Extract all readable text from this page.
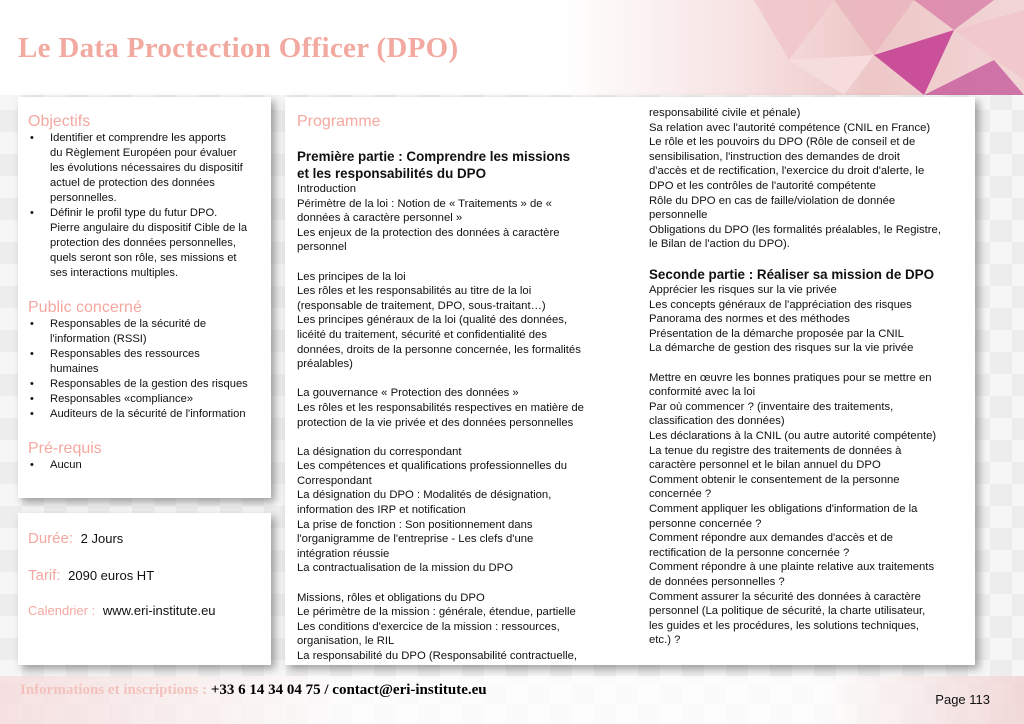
Le Data Proctection Officer (DPO)
Objectifs
• Identifier et comprendre les apports
du Règlement Européen pour évaluer
les évolutions nécessaires du dispositif
actuel de protection des données
personnelles.
• Définir le profil type du futur DPO.
Pierre angulaire du dispositif Cible de la
protection des données personnelles,
quels seront son rôle, ses missions et
ses interactions multiples.
Public concerné
• Responsables de la sécurité de
l'information (RSSI)
• Responsables des ressources
humaines
• Responsables de la gestion des risques
• Responsables «compliance»
• Auditeurs de la sécurité de l'information
Pré-requis
• Aucun
Durée: 2 Jours
Tarif: 2090 euros HT
Calendrier : www.eri-institute.eu
Programme
Première partie : Comprendre les missions
et les responsabilités du DPO
Introduction
Périmètre de la loi : Notion de « Traitements » de «
données à caractère personnel »
Les enjeux de la protection des données à caractère
personnel
Les principes de la loi
Les rôles et les responsabilités au titre de la loi
(responsable de traitement, DPO, sous-traitant…)
Les principes généraux de la loi (qualité des données,
licéité du traitement, sécurité et confidentialité des
données, droits de la personne concernée, les formalités
préalables)
La gouvernance « Protection des données »
Les rôles et les responsabilités respectives en matière de
protection de la vie privée et des données personnelles
La désignation du correspondant
Les compétences et qualifications professionnelles du
Correspondant
La désignation du DPO : Modalités de désignation,
information des IRP et notification
La prise de fonction : Son positionnement dans
l'organigramme de l'entreprise - Les clefs d'une
intégration réussie
La contractualisation de la mission du DPO
Missions, rôles et obligations du DPO
Le périmètre de la mission : générale, étendue, partielle
Les conditions d'exercice de la mission : ressources,
organisation, le RIL
La responsabilité du DPO (Responsabilité contractuelle,
responsabilité civile et pénale)
Sa relation avec l'autorité compétence (CNIL en France)
Le rôle et les pouvoirs du DPO (Rôle de conseil et de
sensibilisation, l'instruction des demandes de droit
d'accès et de rectification, l'exercice du droit d'alerte, le
DPO et les contrôles de l'autorité compétente
Rôle du DPO en cas de faille/violation de donnée
personnelle
Obligations du DPO (les formalités préalables, le Registre,
le Bilan de l'action du DPO).
Seconde partie : Réaliser sa mission de DPO
Apprécier les risques sur la vie privée
Les concepts généraux de l'appréciation des risques
Panorama des normes et des méthodes
Présentation de la démarche proposée par la CNIL
La démarche de gestion des risques sur la vie privée
Mettre en œuvre les bonnes pratiques pour se mettre en
conformité avec la loi
Par où commencer ? (inventaire des traitements,
classification des données)
Les déclarations à la CNIL (ou autre autorité compétente)
La tenue du registre des traitements de données à
caractère personnel et le bilan annuel du DPO
Comment obtenir le consentement de la personne
concernée ?
Comment appliquer les obligations d'information de la
personne concernée ?
Comment répondre aux demandes d'accès et de
rectification de la personne concernée ?
Comment répondre à une plainte relative aux traitements
de données personnelles ?
Comment assurer la sécurité des données à caractère
personnel (La politique de sécurité, la charte utilisateur,
les guides et les procédures, les solutions techniques,
etc.) ?
Informations et inscriptions : +33 6 14 34 04 75 / contact@eri-institute.eu
Page 113
